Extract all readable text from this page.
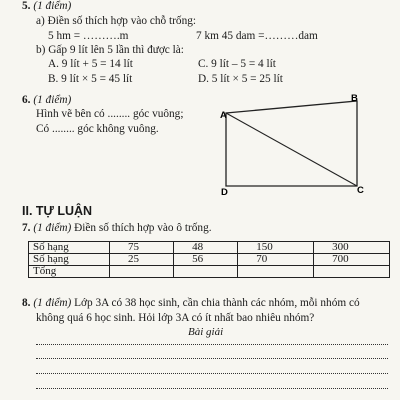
5. (1 điểm)
a) Điền số thích hợp vào chỗ trống:
5 hm = ……….m	7 km 45 dam =………dam
b) Gấp 9 lít lên 5 lần thì được là:
A. 9 lít + 5 = 14 lít	C. 9 lít – 5 = 4 lít
B. 9 lít × 5 = 45 lít	D. 5 lít × 5 = 25 lít
6. (1 điểm)
Hình vẽ bên có ........ góc vuông;
Có ........ góc không vuông.
A
B
C
D
II. TỰ LUẬN
7. (1 điểm) Điền số thích hợp vào ô trống.
Số hạng	75	48	150	300
Số hạng	25	56	70	700
Tổng				
8. (1 điểm) Lớp 3A có 38 học sinh, cần chia thành các nhóm, mỗi nhóm có
không quá 6 học sinh. Hỏi lớp 3A có ít nhất bao nhiêu nhóm?
Bài giải
